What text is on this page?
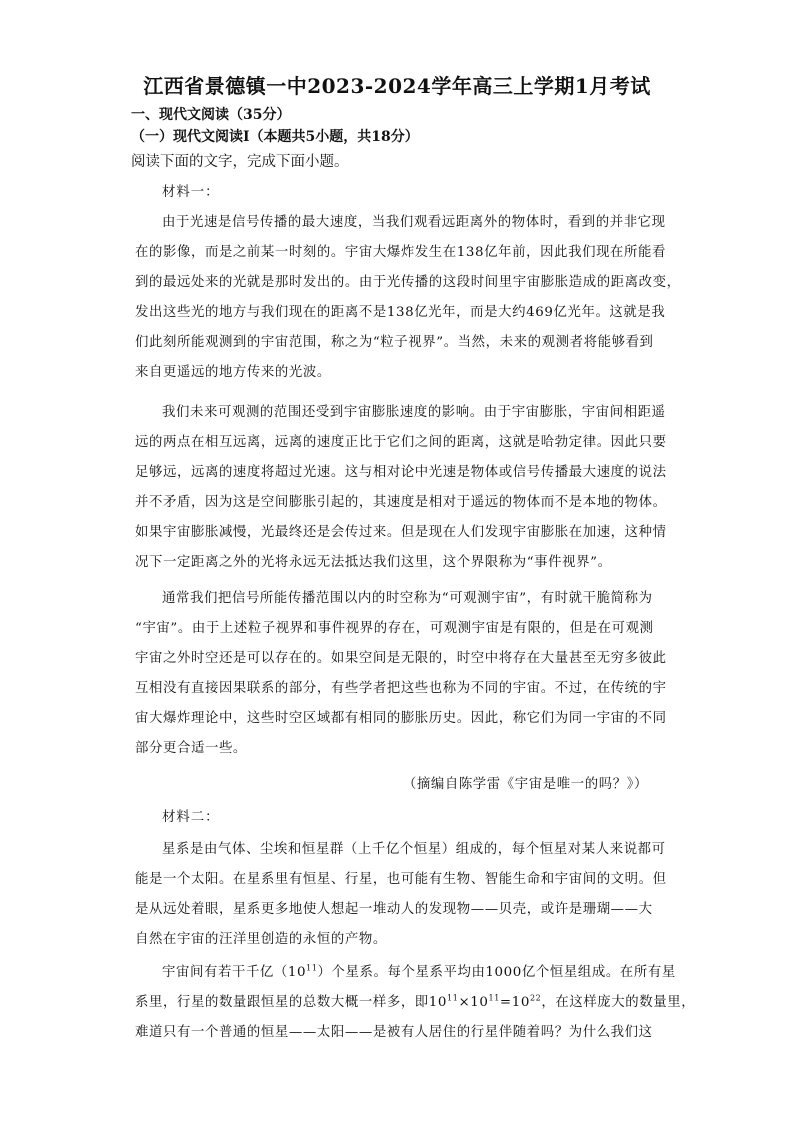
江西省景德镇一中2023-2024学年高三上学期1月考试
一、现代文阅读（35分）
（一）现代文阅读Ⅰ（本题共5小题，共18分）
阅读下面的文字，完成下面小题。
材料一：
由于光速是信号传播的最大速度，当我们观看远距离外的物体时，看到的并非它现
在的影像，而是之前某一时刻的。宇宙大爆炸发生在138亿年前，因此我们现在所能看
到的最远处来的光就是那时发出的。由于光传播的这段时间里宇宙膨胀造成的距离改变，
发出这些光的地方与我们现在的距离不是138亿光年，而是大约469亿光年。这就是我
们此刻所能观测到的宇宙范围，称之为“粒子视界”。当然，未来的观测者将能够看到
来自更遥远的地方传来的光波。
我们未来可观测的范围还受到宇宙膨胀速度的影响。由于宇宙膨胀，宇宙间相距遥
远的两点在相互远离，远离的速度正比于它们之间的距离，这就是哈勃定律。因此只要
足够远，远离的速度将超过光速。这与相对论中光速是物体或信号传播最大速度的说法
并不矛盾，因为这是空间膨胀引起的，其速度是相对于遥远的物体而不是本地的物体。
如果宇宙膨胀减慢，光最终还是会传过来。但是现在人们发现宇宙膨胀在加速，这种情
况下一定距离之外的光将永远无法抵达我们这里，这个界限称为“事件视界”。
通常我们把信号所能传播范围以内的时空称为“可观测宇宙”，有时就干脆简称为
“宇宙”。由于上述粒子视界和事件视界的存在，可观测宇宙是有限的，但是在可观测
宇宙之外时空还是可以存在的。如果空间是无限的，时空中将存在大量甚至无穷多彼此
互相没有直接因果联系的部分，有些学者把这些也称为不同的宇宙。不过，在传统的宇
宙大爆炸理论中，这些时空区域都有相同的膨胀历史。因此，称它们为同一宇宙的不同
部分更合适一些。
（摘编自陈学雷《宇宙是唯一的吗？》）
材料二：
星系是由气体、尘埃和恒星群（上千亿个恒星）组成的，每个恒星对某人来说都可
能是一个太阳。在星系里有恒星、行星，也可能有生物、智能生命和宇宙间的文明。但
是从远处着眼，星系更多地使人想起一堆动人的发现物——贝壳，或许是珊瑚——大
自然在宇宙的汪洋里创造的永恒的产物。
宇宙间有若干千亿$(10^{11})$个星系。每个星系平均由1000亿个恒星组成。在所有星
系里，行星的数量跟恒星的总数大概一样多，即$10^{11}\times 10^{11}=10^{22}$，在这样庞大的数量里，
难道只有一个普通的恒星——太阳——是被有人居住的行星伴随着吗？为什么我们这
